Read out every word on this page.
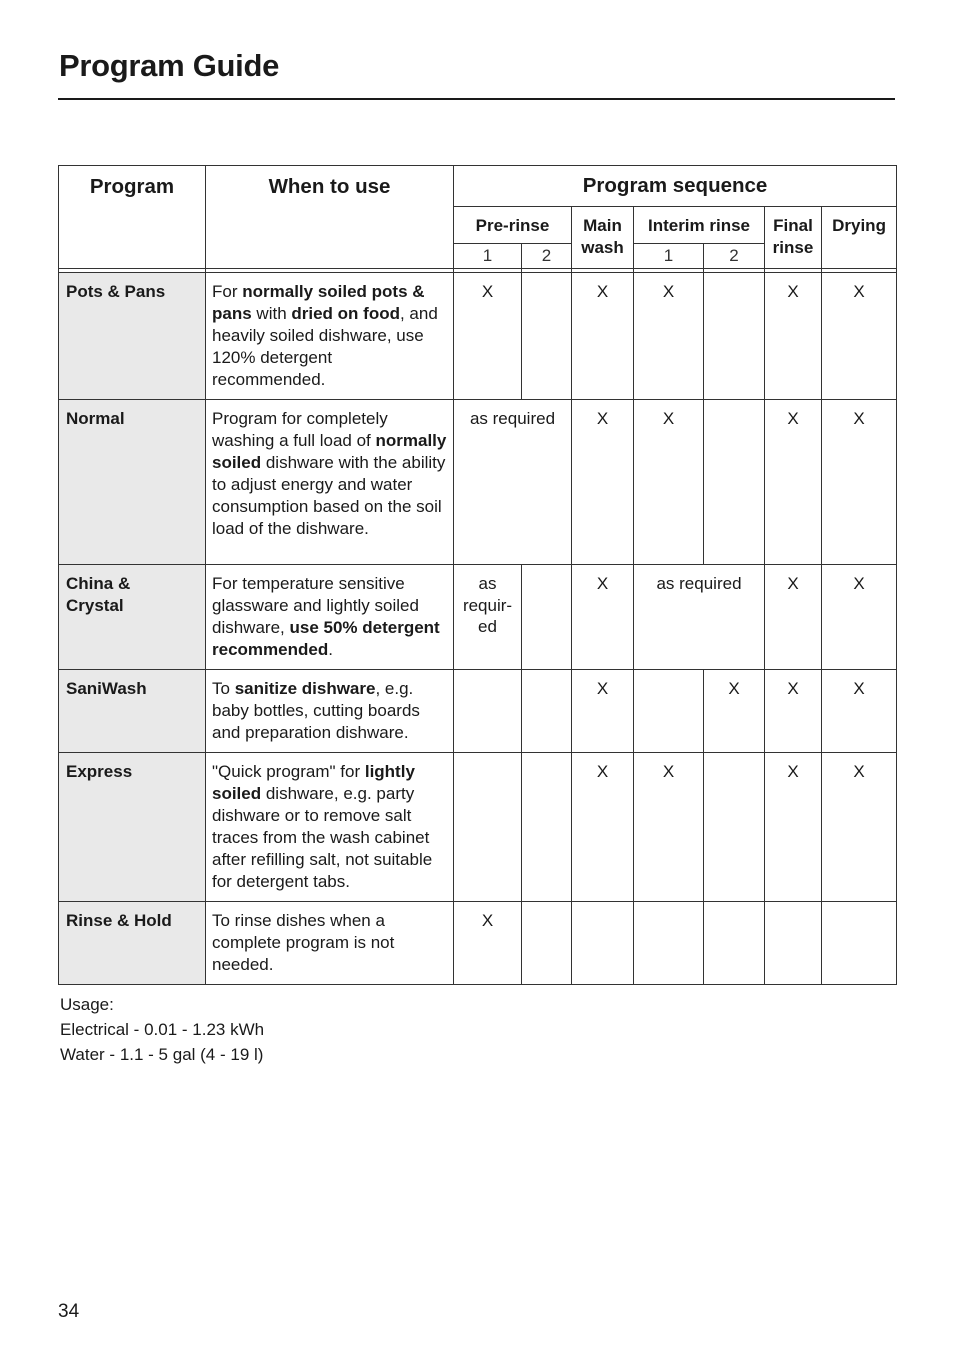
Program Guide
Program	When to use	Program sequence						
		Pre-rinse		Main wash	Interim rinse		Final rinse	Drying
		1	2		1	2		

Pots & Pans	For normally soiled pots & pans with dried on food, and heavily soiled dishware, use 120% detergent recommended.	X		X	X		X	X
Normal	Program for completely washing a full load of normally soiled dishware with the ability to adjust energy and water consumption based on the soil load of the dishware.	as required		X	X		X	X
China & Crystal	For temperature sensitive glassware and lightly soiled dishware, use 50% detergent recommended.	as requir-ed		X	as required		X	X
SaniWash	To sanitize dishware, e.g. baby bottles, cutting boards and preparation dishware.			X		X	X	X
Express	"Quick program" for lightly soiled dishware, e.g. party dishware or to remove salt traces from the wash cabinet after refilling salt, not suitable for detergent tabs.			X	X		X	X
Rinse & Hold	To rinse dishes when a complete program is not needed.	X						
Usage:
Electrical - 0.01 - 1.23 kWh
Water - 1.1 - 5 gal (4 - 19 l)
34
